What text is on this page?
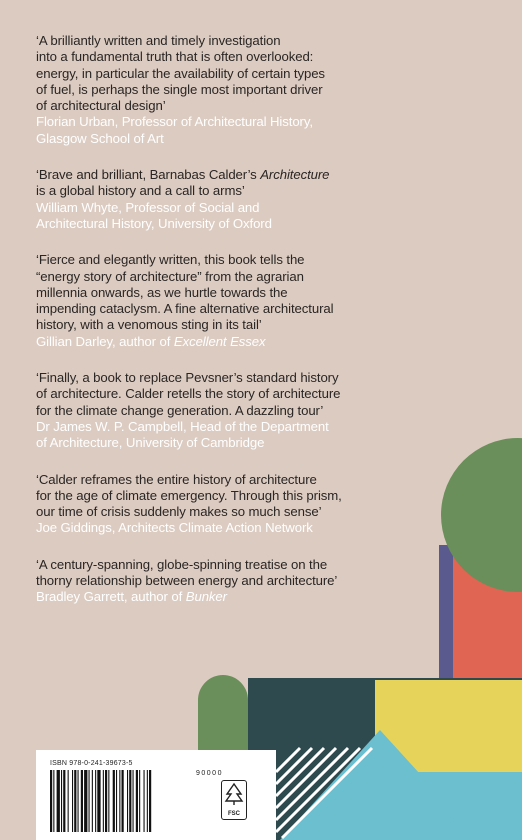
‘A brilliantly written and timely investigation
into a fundamental truth that is often overlooked:
energy, in particular the availability of certain types
of fuel, is perhaps the single most important driver
of architectural design’
Florian Urban, Professor of Architectural History,
Glasgow School of Art
‘Brave and brilliant, Barnabas Calder’s Architecture
is a global history and a call to arms’
William Whyte, Professor of Social and
Architectural History, University of Oxford
‘Fierce and elegantly written, this book tells the
“energy story of architecture” from the agrarian
millennia onwards, as we hurtle towards the
impending cataclysm. A fine alternative architectural
history, with a venomous sting in its tail’
Gillian Darley, author of Excellent Essex
‘Finally, a book to replace Pevsner’s standard history
of architecture. Calder retells the story of architecture
for the climate change generation. A dazzling tour’
Dr James W. P. Campbell, Head of the Department
of Architecture, University of Cambridge
‘Calder reframes the entire history of architecture
for the age of climate emergency. Through this prism,
our time of crisis suddenly makes so much sense’
Joe Giddings, Architects Climate Action Network
‘A century-spanning, globe-spinning treatise on the
thorny relationship between energy and architecture’
Bradley Garrett, author of Bunker
ISBN 978-0-241-39673-5
90000
FSC
